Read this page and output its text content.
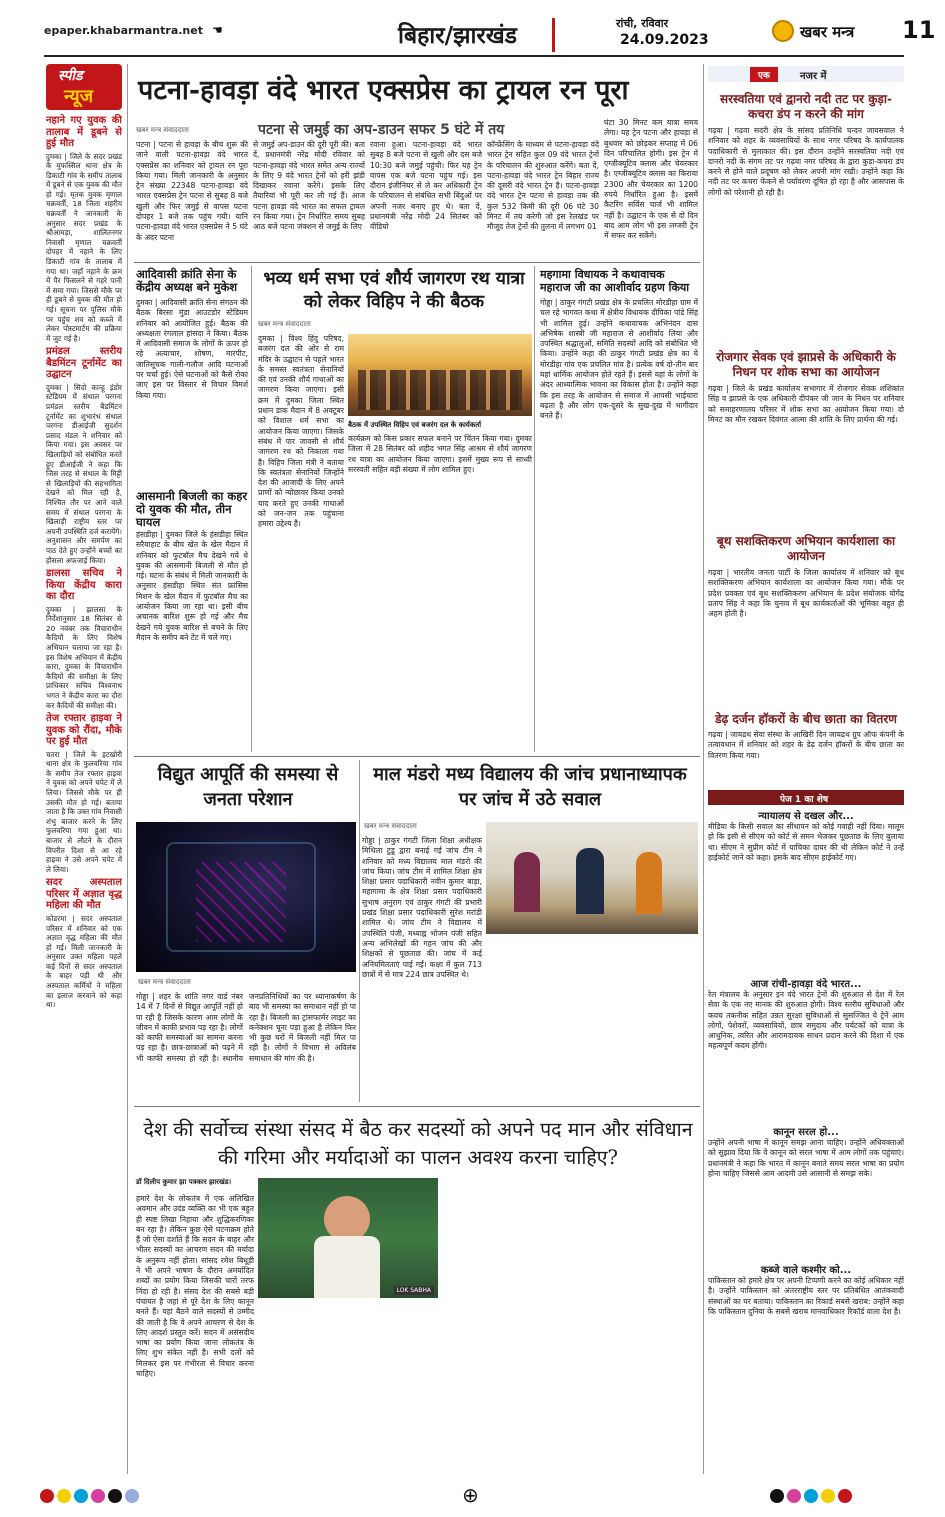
epaper.khabarmantra.net ☚	बिहार/झारखंड	रांची, रविवार
24.09.2023	खबर मन्त्र 11
स्पीड
न्यूज
नहाने गए युवक की तालाब में डूबने से हुई मौत

दुमका | जिले के सदर प्रखंड के मुफस्सिल थाना क्षेत्र के डिकाटी गांव के समीप तालाब में डूबने से एक युवक की मौत हो गई। मृतक युवक मृणाल चक्रवर्ती, 18 जिला शहरीय चक्रवर्ती ने जानकारी के अनुसार सदर प्रखंड के श्रीआमड़ा, शालितनगर निवासी मृणाल चक्रवर्ती दोपहर में नहाने के लिए डिकाटी गांव के तालाब में गया था। जहाँ नहाने के क्रम में पैर फिसलने से गहरे पानी में समा गया। जिससे मौके पर ही डूबने से युवक की मौत हो गई। सूचना पर पुलिस मौके पर पहुंच शव को कब्जे में लेकर पोस्टमार्टम की प्रक्रिया में जुट गई है।

प्रमंडल स्तरीय बैडमिंटन टूर्नामेंट का उद्घाटन

दुमका | सिदो कान्हू इंडोर स्टेडियम में संथाल परगना प्रमंडल स्तरीय बैडमिंटन टूर्नामेंट का शुभारंभ संथाल परगना डीआईजी सुदर्शन प्रसाद मंडल ने शनिवार को किया गया। इस अवसर पर खिलाड़ियों को संबोधित करते हुए डीआईजी ने कहा कि जिस तरह से संथाल के मिट्टी से खिलाड़ियों की सहभागिता देखने को मिल रही है, निश्चित तौर पर आने वाले समय में संथाल परगना के खिलाड़ी राष्ट्रीय स्तर पर अपनी उपस्थिति दर्ज करायेंगे। अनुशासन और समर्पण का पाठ देते हुए उन्होंने बच्चों का हौसला अफजाई किया।

डालसा सचिव ने किया केंद्रीय कारा का दौरा

दुमका | झालसा के निर्देशानुसार 18 सितंबर से 20 नवंबर तक विचाराधीन कैदियों के लिए विशेष अभियान चलाया जा रहा है। इस विशेष अभियान में केंद्रीय कारा, दुमका के विचाराधीन कैदियों की समीक्षा के लिए प्राधिकार सचिव विश्वनाथ भगत ने केंद्रीय कारा का दौरा कर कैदियों की समीक्षा की।

तेज रफ्तार हाइवा ने युवक को रौंदा, मौके पर हुई मौत

चतरा | जिले के इटखोरी थाना क्षेत्र के फुलवरिया गांव के समीप तेज रफ्तार हाइवा ने युवक को अपने चपेट में ले लिया। जिससे मौके पर ही उसकी मौत हो गई। बताया जाता है कि उक्त गांव निवासी शंभु बाजार करने के लिए फुलवरिया गया हुआ था। बाजार से लौटने के दौरान विपरीत दिशा से आ रहे हाइवा ने उसे अपने चपेट में ले लिया।

सदर अस्पताल परिसर में अज्ञात वृद्ध महिला की मौत

कोडरमा | सदर अस्पताल परिसर में शनिवार को एक अज्ञात वृद्ध महिला की मौत हो गई। मिली जानकारी के अनुसार उक्त महिला पहले कई दिनों से सदर अस्पताल के बाहर पड़ी थी और अस्पताल कर्मियों ने महिला का इलाज करवाने को कहा था।

पटना-हावड़ा वंदे भारत एक्सप्रेस का ट्रायल रन पूरा
पटना से जमुई का अप-डाउन सफर 5 घंटे में तय
खबर मन्त्र संवाददाता
पटना | पटना से हावड़ा के बीच शुरू की जाने वाली पटना-हावड़ा वंदे भारत एक्सप्रेस का शनिवार को ट्रायल रन पूरा किया गया। मिली जानकारी के अनुसार ट्रेन संख्या 22348 पटना-हावड़ा वंदे भारत एक्सप्रेस ट्रेन पटना से सुबह 8 बजे खुली और फिर जमुई से वापस पटना दोपहर 1 बजे तक पहुंच गयी। यानि पटना-हावड़ा वंदे भारत एक्सप्रेस ने 5 घंटे के अंदर पटना
से जमुई अप-डाउन की दूरी पूरी की। बता दें, प्रधानमंत्री नरेंद्र मोदी रविवार को पटना-हावड़ा वंदे भारत समेत अन्य राज्यों के लिए 9 वंदे भारत ट्रेनों को हरी झंडी दिखाकर रवाना करेंगे। इसके लिए तैयारियां भी पूरी कर ली गई हैं। आज पटना हावड़ा वंदे भारत का सफल ट्रायल रन किया गया। ट्रेन निर्धारित समय सुबह आठ बजे पटना जंक्शन से जमुई के लिए
रवाना हुआ। पटना-हावड़ा वंदे भारत सुबह 8 बजे पटना से खुली और दस बजे 10:30 बजे जमुई पहुंची। फिर यह ट्रेन वापस एक बजे पटना पहुंच गई। इस दौरान इंजीनियर से ले कर अधिकारी ट्रेन के परिचालन से संबंधित सभी बिंदुओं पर अपनी नजर बनाए हुए थे। बता दें, प्रधानमंत्री नरेंद्र मोदी 24 सितंबर को वीडियो
कॉन्फ्रेंसिंग के माध्यम से पटना-हावड़ा वंदे भारत ट्रेन सहित कुल 09 वंदे भारत ट्रेनों के परिचालन की शुरुआत करेंगे। बता दें, पटना-हावड़ा वंदे भारत ट्रेन बिहार राज्य की दूसरी वंदे भारत ट्रेन है। पटना-हावड़ा वंदे भारत ट्रेन पटना से हावड़ा तक की कुल 532 किमी की दूरी 06 घंटे 30 मिनट में तय करेगी जो इस रेलखंड पर मौजूद तेज ट्रेनों की तुलना में लगभग 01
घंटा 30 मिनट कम यात्रा समय लेगा। यह ट्रेन पटना और हावड़ा से बुधवार को छोड़कर सप्ताह में 06 दिन परिचालित होगी। इस ट्रेन में एग्जीक्यूटिव क्लास और चेयरकार है। एग्जीक्यूटिव क्लास का किराया 2300 और चेयरकार का 1200 रुपये निर्धारित हुआ है। इसमें कैटरिंग सर्विस चार्ज भी शामिल नहीं है। उद्घाटन के एक से दो दिन बाद आम लोग भी इस लग्जरी ट्रेन में सफर कर सकेंगे।
आदिवासी क्रांति सेना के केंद्रीय अध्यक्ष बने मुकेश
दुमका | आदिवासी क्रांति सेना संगठन की बैठक बिरसा मुंडा आउटडोर स्टेडियम शनिवार को आयोजित हुई। बैठक की अध्यक्षता रंगलाल हांसदा ने किया। बैठक में आदिवासी समाज के लोगों के ऊपर हो रहे अत्याचार, शोषण, मारपीट, जातिसूचक गाली-गलौज आदि घटनाओं पर चर्चा हुई। ऐसे घटनाओं को कैसे रोका जाए इस पर विस्तार से विचार विमर्श किया गया।
आसमानी बिजली का कहर दो युवक की मौत, तीन घायल
हंसडीहा | दुमका जिले के हंसडीहा स्थित सरैयाहाट के बीच खेत के खेल मैदान में शनिवार को फुटबॉल मैच देखने गये थे युवक की आसमानी बिजली से मौत हो गई। घटना के संबंध में मिली जानकारी के अनुसार हंसडीहा स्थित संत फ्रांसिस मिशन के खेल मैदान में फुटबॉल मैच का आयोजन किया जा रहा था। इसी बीच अचानक बारिश शुरू हो गई और मैच देखने गये युवक बारिश से बचने के लिए मैदान के समीप बने टेंट में चले गए।
भव्य धर्म सभा एवं शौर्य जागरण रथ यात्रा को लेकर विहिप ने की बैठक
खबर मन्त्र संवाददाता
दुमका | विश्व हिंदु परिषद, बजरंग दल की ओर से राम मंदिर के उद्घाटन से पहले भारत के समस्त स्वतंत्रता सेनानियों की एवं उनकी शौर्य गाथाओं का जागरण किया जाएगा। इसी क्रम में दुमका जिला स्थित प्रधान डाक मैदान में 8 अक्टूबर को विशाल धर्म सभा का आयोजन किया जाएगा। जिसके संबंध में पार जावसी से शौर्य जागरण रथ को निकाला गया है। विहिप जिला मंत्री ने बताया कि स्वतंत्रता सेनानियों जिन्होंने देश की आजादी के लिए अपने प्राणों को न्योछावर किया उनको याद करते हुए उनकी गाथाओं को जन-जन तक पहुंचाना हमारा उद्देश्य है।
बैठक में उपस्थित विहिप एवं बजरंग दल के कार्यकर्ता
कार्यक्रम को किस प्रकार सफल बनाने पर चिंतन किया गया। दुमका जिला में 28 सितंबर को शहीद भगत सिंह आश्रम से शौर्य जागरण रथ यात्रा का आयोजन किया जाएगा। इसमें मुख्य रूप से साध्वी सरस्वती सहित बड़ी संख्या में लोग शामिल हुए।
महगामा विधायक ने कथावाचक महाराज जी का आशीर्वाद ग्रहण किया
गोड्डा | ठाकुर गंगटी प्रखंड क्षेत्र के प्रचलित मोरडीहा ग्राम में चल रहे भागवत कथा में क्षेत्रीय विधायक दीपिका पांडे सिंह भी शामिल हुई। उन्होंने कथावाचक अभिनंदन दास अभिषेक शास्त्री जी महाराज से आशीर्वाद लिया और उपस्थित श्रद्धालुओं, समिति सदस्यों आदि को संबोधित भी किया। उन्होंने कहा की ठाकुर गंगटी प्रखंड क्षेत्र का ये मोरडीहा गांव एक प्रचलित गांव है। प्रत्येक वर्ष दो-तीन बार यहां धार्मिक आयोजन होते रहते हैं। इससे यहां के लोगों के अंदर आध्यात्मिक भावना का विकास होता है। उन्होंने कहा कि इस तरह के आयोजन से समाज में आपसी भाईचारा बढ़ता है और लोग एक-दूसरे के सुख-दुख में भागीदार बनते हैं।
विद्युत आपूर्ति की समस्या से जनता परेशान
खबर मन्त्र संवाददाता
गोड्डा | शहर के शांति नगर वार्ड नंबर 14 में 7 दिनों से विद्युत आपूर्ति नहीं हो पा रही है जिसके कारण आम लोगों के जीवन में काफी प्रभाव पड़ रहा है। लोगों को काफी समस्याओं का सामना करना पड़ रहा है। छात्र-छात्राओं को पढ़ने में भी काफी समस्या हो रही है। स्थानीय जनप्रतिनिधियों का पर ध्यानाकर्षण के बाद भी समस्या का समाधान नहीं हो पा रहा है। बिजली का ट्रांसफार्मर लाइट का कनेक्शन चूना पड़ा हुआ है लेकिन फिर भी कुछ घरों में बिजली नहीं मिल पा रही है। लोगों ने विभाग से अविलंब समाधान की मांग की है।
माल मंडरो मध्य विद्यालय की जांच प्रधानाध्यापक पर जांच में उठे सवाल
खबर मन्त्र संवाददाता
गोड्डा | ठाकुर गंगटी जिला शिक्षा अधीक्षक मिथिला टुडू द्वारा बनाई गई जांच टीम ने शनिवार को मध्य विद्यालय माल मंडरो की जांच किया। जांच टीम में शामिल शिक्षा क्षेत्र शिक्षा प्रसार पदाधिकारी नवीन कुमार बाड़ा, महागामा के क्षेत्र शिक्षा प्रसार पदाधिकारी सुभाष अनुराग एवं ठाकुर गंगटी की प्रभारी प्रखंड शिक्षा प्रसार पदाधिकारी सुरेश मरांडी शामिल थे। जांच टीम ने विद्यालय में उपस्थिति पंजी, मध्याह्न भोजन पंजी सहित अन्य अभिलेखों की गहन जांच की और शिक्षकों से पूछताछ की। जांच में कई अनियमितताएं पाई गईं। कक्षा में कुल 713 छात्रों में से मात्र 224 छात्र उपस्थित थे।
देश की सर्वोच्च संस्था संसद में बैठ कर सदस्यों को अपने पद मान और संविधान की गरिमा और मर्यादाओं का पालन अवश्य करना चाहिए?
डॉ दिलीप कुमार झा पत्रकार झारखंड।
LOK SABHA
हमारे देश के लोकतंत्र में एक अलिखित अवमान और उदंड व्यक्ति का भी एक बहुत ही स्पष्ट लिखा निहाया और शुद्धिकरणिका बन रहा है। लेकिन कुछ ऐसे घटनाक्रम होते हैं जो ऐसा दर्शाते हैं कि सदन के बाहर और भीतर सदस्यों का आचरण सदन की मर्यादा के अनुरूप नहीं होता। सांसद रमेश बिधूड़ी ने भी अपने भाषण के दौरान अमर्यादित शब्दों का प्रयोग किया जिसकी चारों तरफ निंदा हो रही है। संसद देश की सबसे बड़ी पंचायत है जहां से पूरे देश के लिए कानून बनते हैं। यहां बैठने वाले सदस्यों से उम्मीद की जाती है कि वे अपने आचरण से देश के लिए आदर्श प्रस्तुत करें। सदन में असंसदीय भाषा का प्रयोग किया जाना लोकतंत्र के लिए शुभ संकेत नहीं है। सभी दलों को मिलकर इस पर गंभीरता से विचार करना चाहिए।
एक	नजर में
सरस्वतिया एवं द्वानरो नदी तट पर कुड़ा-कचरा डंप न करने की मांग
गढ़वा | गढ़वा सदरी क्षेत्र के सांसद प्रतिनिधि चन्दन जायसवाल ने शनिवार को शहर के व्यवसायियों के साथ नगर परिषद के कार्यपालक पदाधिकारी से मुलाकात की। इस दौरान उन्होंने सरस्वतिया नदी एवं दानरो नदी के संगम तट पर गढ़वा नगर परिषद के द्वारा कुड़ा-कचरा डंप करने से होने वाले प्रदूषण को लेकर अपनी मांग रखी। उन्होंने कहा कि नदी तट पर कचरा फेंकने से पर्यावरण दूषित हो रहा है और आसपास के लोगों को परेशानी हो रही है।
रोजगार सेवक एवं झाप्रसे के अधिकारी के निधन पर शोक सभा का आयोजन
गढ़वा | जिले के प्रखंड कार्यालय सभागार में रोजगार सेवक शशिकांत सिंह व झाप्रसे के एक अधिकारी दीपंकर जी जान के निधन पर शनिवार को समाहरणालय परिसर में शोक सभा का आयोजन किया गया। दो मिनट का मौन रखकर दिवंगत आत्मा की शांति के लिए प्रार्थना की गई।
बूथ सशक्तिकरण अभियान कार्यशाला का आयोजन
गढ़वा | भारतीय जनता पार्टी के जिला कार्यालय में शनिवार को बूथ सशक्तिकरण अभियान कार्यशाला का आयोजन किया गया। मौके पर प्रदेश प्रवक्ता एवं बूथ सशक्तिकरण अभियान के प्रदेश संयोजक योगेंद्र प्रताप सिंह ने कहा कि चुनाव में बूथ कार्यकर्ताओं की भूमिका बहुत ही अहम होती है।
डेढ़ दर्जन हॉकरों के बीच छाता का वितरण
गढ़वा | जायद्रथ सेवा संस्था के आखिरी दिन जायद्रथ ग्रुप ऑफ कंपनी के तत्वावधान में शनिवार को शहर के डेढ़ दर्जन हॉकरों के बीच छाता का वितरण किया गया।
पेज 1 का शेष
न्यायालय से दखल और...
मीडिया के किसी सवाल का सीधापन को कोई गवाही नहीं दिया। मालूम हो कि इसी से सीएम को कोर्ट से समन भेजकर पूछताछ के लिए बुलाया था। सीएम ने सुप्रीम कोर्ट में याचिका दायर की थी लेकिन कोर्ट ने उन्हें हाईकोर्ट जाने को कहा। इसके बाद सीएम हाईकोर्ट गए।
आज रांची-हावड़ा वंदे भारत...
रेल मंत्रालय के अनुसार इन वंदे भारत ट्रेनों की शुरुआत से देश में रेल सेवा के एक नए मानक की शुरुआत होगी। विश्व स्तरीय सुविधाओं और कवच तकनीक सहित उन्नत सुरक्षा सुविधाओं से सुसज्जित ये ट्रेनें आम लोगों, पेशेवरों, व्यवसायियों, छात्र समुदाय और पर्यटकों को यात्रा के आधुनिक, त्वरित और आरामदायक साधन प्रदान करने की दिशा में एक महत्वपूर्ण कदम होंगी।
कानून सरल हो...
उन्होंने अपनी भाषा में कानून समझ आना चाहिए। उन्होंने अधिवक्ताओं को सुझाव दिया कि वे कानून को सरल भाषा में आम लोगों तक पहुंचाएं। प्रधानमंत्री ने कहा कि भारत में कानून बनाते समय सरल भाषा का प्रयोग होना चाहिए जिससे आम आदमी उसे आसानी से समझ सके।
कब्जे वाले कश्मीर को...
पाकिस्तान को हमारे क्षेत्र पर अपनी टिप्पणी करने का कोई अधिकार नहीं है। उन्होंने पाकिस्तान को अंतरराष्ट्रीय स्तर पर प्रतिबंधित आतंकवादी संस्थाओं का घर बताया। पाकिस्तान का रिकार्ड सबसे खराब: उन्होंने कहा कि पाकिस्तान दुनिया के सबसे खराब मानवाधिकार रिकॉर्ड वाला देश है।
⊕
